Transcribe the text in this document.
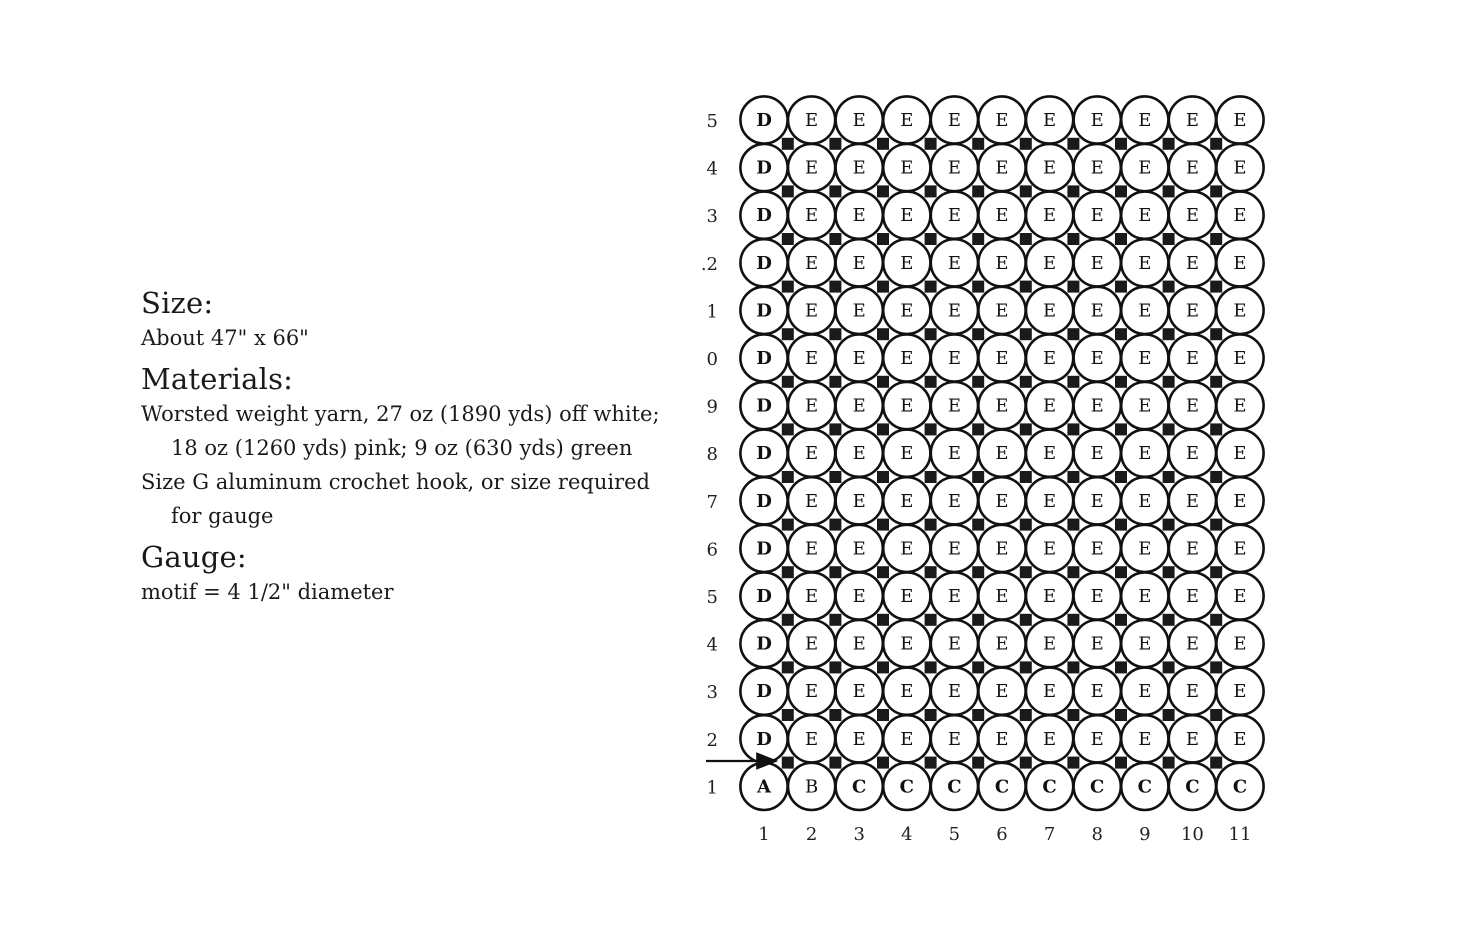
Size:

About 47" x 66"

Materials:

Worsted weight yarn, 27 oz (1890 yds) off white;

18 oz (1260 yds) pink; 9 oz (630 yds) green

Size G aluminum crochet hook, or size required

for gauge

Gauge:

motif = 4 1/2" diameter

D E E E E E E E E E E
D E E E E E E E E E E
D E E E E E E E E E E
D E E E E E E E E E E
D E E E E E E E E E E
D E E E E E E E E E E
D E E E E E E E E E E
D E E E E E E E E E E
D E E E E E E E E E E
D E E E E E E E E E E
D E E E E E E E E E E
D E E E E E E E E E E
D E E E E E E E E E E
D E E E E E E E E E E
A B C C C C C C C C C
5
4
3
.2
1
0
9
8
7
6
5
4
3
2
1
1 2 3 4 5 6 7 8 9 10 11
